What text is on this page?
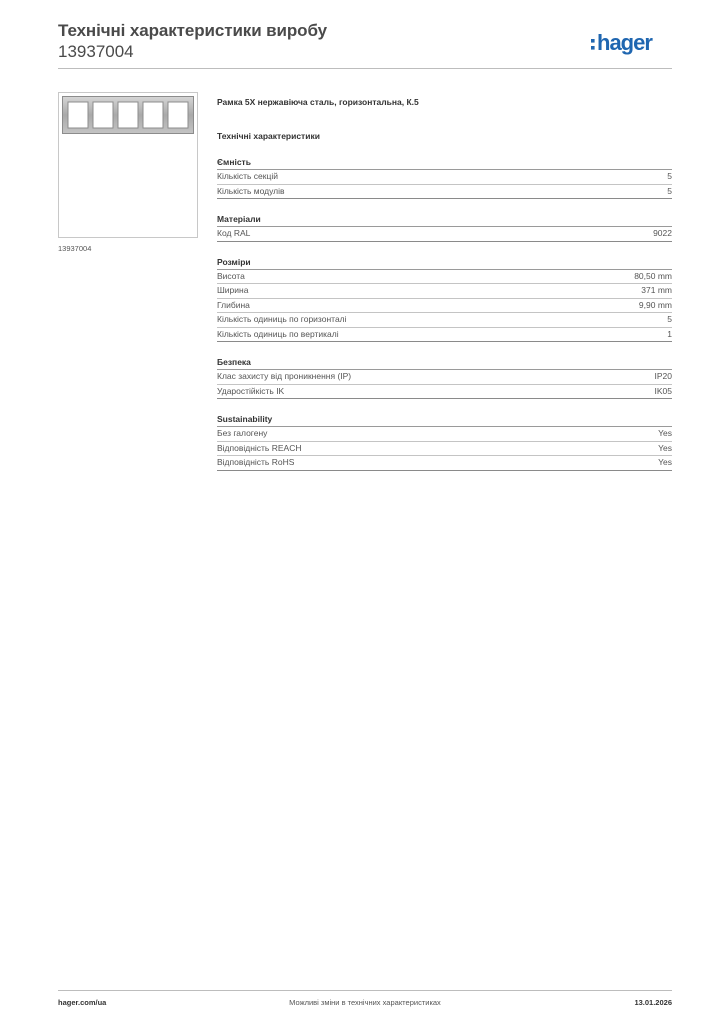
Технічні характеристики виробу
13937004	hager
13937004
Рамка 5X нержавіюча сталь, горизонтальна, К.5
Технічні характеристики
Ємність
Кількість секцій	5
Кількість модулів	5
Матеріали
Код RAL	9022
Розміри
Висота	80,50 mm
Ширина	371 mm
Глибина	9,90 mm
Кількість одиниць по горизонталі	5
Кількість одиниць по вертикалі	1
Безпека
Клас захисту від проникнення (IP)	IP20
Ударостійкість IK	IK05
Sustainability
Без галогену	Yes
Відповідність REACH	Yes
Відповідність RoHS	Yes
Можливі зміни в технічних характеристиках
hager.com/ua	13.01.2026
